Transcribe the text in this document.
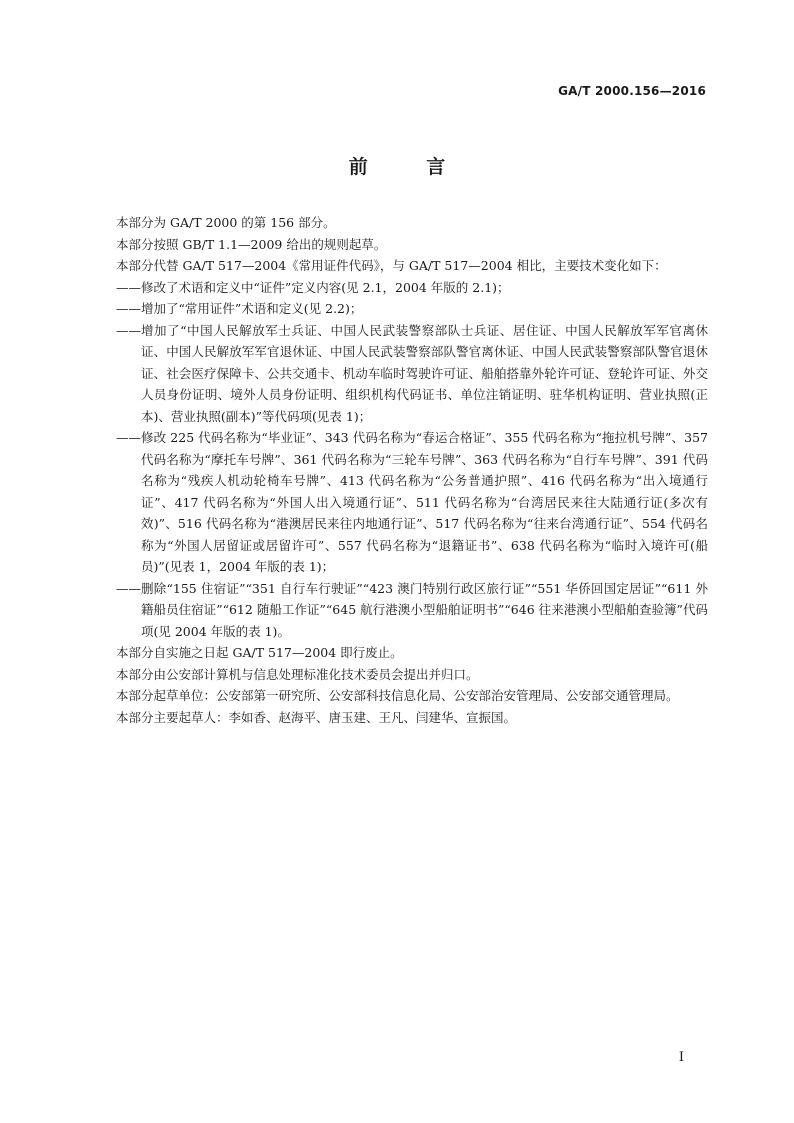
GA/T 2000.156—2016
前 言

本部分为 GA/T 2000 的第 156 部分。

本部分按照 GB/T 1.1—2009 给出的规则起草。

本部分代替 GA/T 517—2004《常用证件代码》，与 GA/T 517—2004 相比，主要技术变化如下：

—— 修改了术语和定义中“证件”定义内容(见 2.1，2004 年版的 2.1)；
—— 增加了“常用证件”术语和定义(见 2.2)；
—— 增加了“中国人民解放军士兵证、中国人民武装警察部队士兵证、居住证、中国人民解放军军官离休证、中国人民解放军军官退休证、中国人民武装警察部队警官离休证、中国人民武装警察部队警官退休证、社会医疗保障卡、公共交通卡、机动车临时驾驶许可证、船舶搭靠外轮许可证、登轮许可证、外交人员身份证明、境外人员身份证明、组织机构代码证书、单位注销证明、驻华机构证明、营业执照(正本)、营业执照(副本)”等代码项(见表 1)；
—— 修改 225 代码名称为“毕业证”、343 代码名称为“春运合格证”、355 代码名称为“拖拉机号牌”、357 代码名称为“摩托车号牌”、361 代码名称为“三轮车号牌”、363 代码名称为“自行车号牌”、391 代码名称为“残疾人机动轮椅车号牌”、413 代码名称为“公务普通护照”、416 代码名称为“出入境通行证”、417 代码名称为“外国人出入境通行证”、511 代码名称为“台湾居民来往大陆通行证(多次有效)”、516 代码名称为“港澳居民来往内地通行证”、517 代码名称为“往来台湾通行证”、554 代码名称为“外国人居留证或居留许可”、557 代码名称为“退籍证书”、638 代码名称为“临时入境许可(船员)”(见表 1，2004 年版的表 1)；
—— 删除“155 住宿证”“351 自行车行驶证”“423 澳门特别行政区旅行证”“551 华侨回国定居证”“611 外籍船员住宿证”“612 随船工作证”“645 航行港澳小型船舶证明书”“646 往来港澳小型船舶查验簿”代码项(见 2004 年版的表 1)。

本部分自实施之日起 GA/T 517—2004 即行废止。

本部分由公安部计算机与信息处理标准化技术委员会提出并归口。

本部分起草单位：公安部第一研究所、公安部科技信息化局、公安部治安管理局、公安部交通管理局。

本部分主要起草人：李如香、赵海平、唐玉建、王凡、闫建华、宣振国。

I
